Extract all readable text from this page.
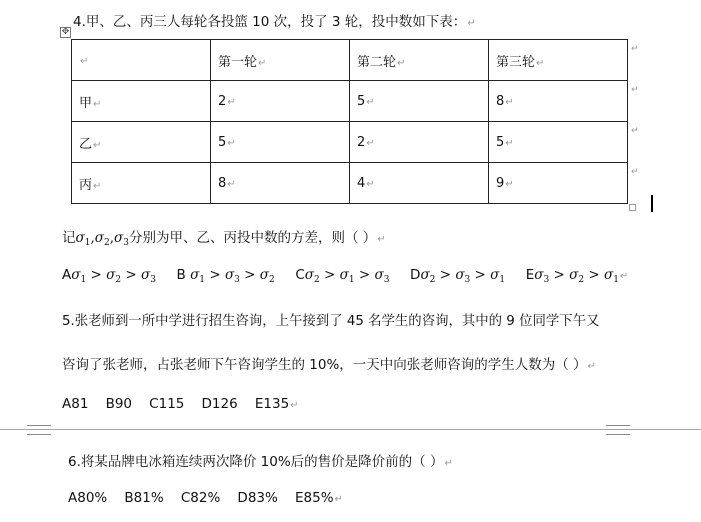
4.甲、乙、丙三人每轮各投篮 10 次，投了 3 轮，投中数如下表：↵
✥
↵	第一轮↵	第二轮↵	第三轮↵
甲↵	2↵	5↵	8↵
乙↵	5↵	2↵	5↵
丙↵	8↵	4↵	9↵
↵
↵
↵
↵
记$\sigma_1,\sigma_2,\sigma_3$分别为甲、乙、丙投中数的方差，则（ ）↵
$A\sigma_1 > \sigma_2 > \sigma_3$ B $\sigma_1 > \sigma_3 > \sigma_2$ $C\sigma_2 > \sigma_1 > \sigma_3$ $D\sigma_2 > \sigma_3 > \sigma_1$ $E\sigma_3 > \sigma_2$ > $\sigma_1↵$
5.张老师到一所中学进行招生咨询，上午接到了 45 名学生的咨询，其中的 9 位同学下午又
咨询了张老师，占张老师下午咨询学生的 10%，一天中向张老师咨询的学生人数为（ ）↵
A81    B90    C115    D126    E135↵
6.将某品牌电冰箱连续两次降价 10%后的售价是降价前的（ ）↵
A80%    B81%    C82%    D83%    E85%↵
